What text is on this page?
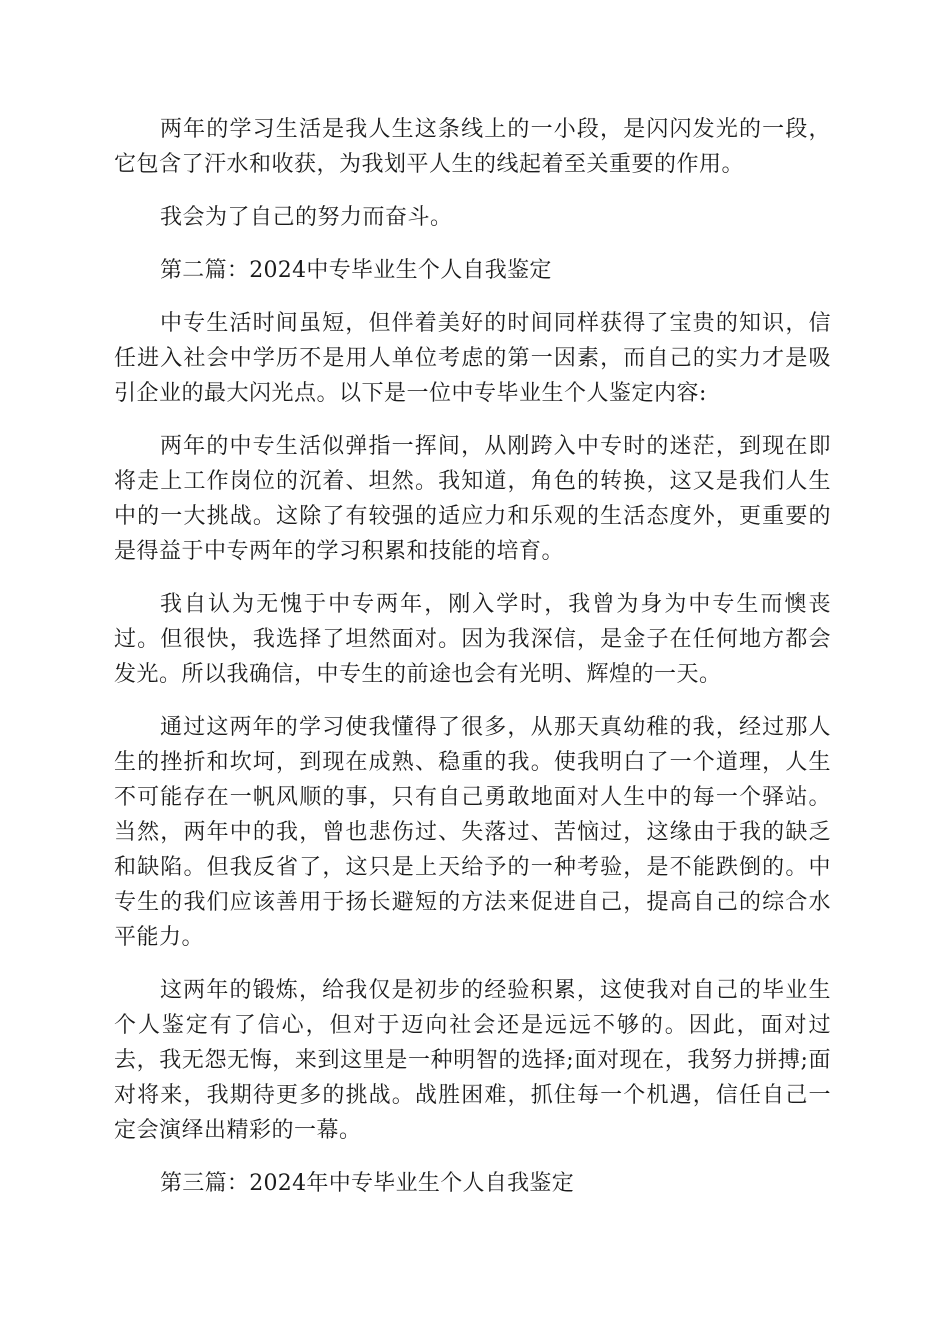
两年的学习生活是我人生这条线上的一小段，是闪闪发光的一段，它包含了汗水和收获，为我划平人生的线起着至关重要的作用。

我会为了自己的努力而奋斗。

第二篇：2024中专毕业生个人自我鉴定

中专生活时间虽短，但伴着美好的时间同样获得了宝贵的知识，信任进入社会中学历不是用人单位考虑的第一因素，而自己的实力才是吸引企业的最大闪光点。以下是一位中专毕业生个人鉴定内容:

两年的中专生活似弹指一挥间，从刚跨入中专时的迷茫，到现在即将走上工作岗位的沉着、坦然。我知道，角色的转换，这又是我们人生中的一大挑战。这除了有较强的适应力和乐观的生活态度外，更重要的是得益于中专两年的学习积累和技能的培育。

我自认为无愧于中专两年，刚入学时，我曾为身为中专生而懊丧过。但很快，我选择了坦然面对。因为我深信，是金子在任何地方都会发光。所以我确信，中专生的前途也会有光明、辉煌的一天。

通过这两年的学习使我懂得了很多，从那天真幼稚的我，经过那人生的挫折和坎坷，到现在成熟、稳重的我。使我明白了一个道理，人生不可能存在一帆风顺的事，只有自己勇敢地面对人生中的每一个驿站。当然，两年中的我，曾也悲伤过、失落过、苦恼过，这缘由于我的缺乏和缺陷。但我反省了，这只是上天给予的一种考验，是不能跌倒的。中专生的我们应该善用于扬长避短的方法来促进自己，提高自己的综合水平能力。

这两年的锻炼，给我仅是初步的经验积累，这使我对自己的毕业生个人鉴定有了信心，但对于迈向社会还是远远不够的。因此，面对过去，我无怨无悔，来到这里是一种明智的选择;面对现在，我努力拼搏;面对将来，我期待更多的挑战。战胜困难，抓住每一个机遇，信任自己一定会演绎出精彩的一幕。

第三篇：2024年中专毕业生个人自我鉴定
